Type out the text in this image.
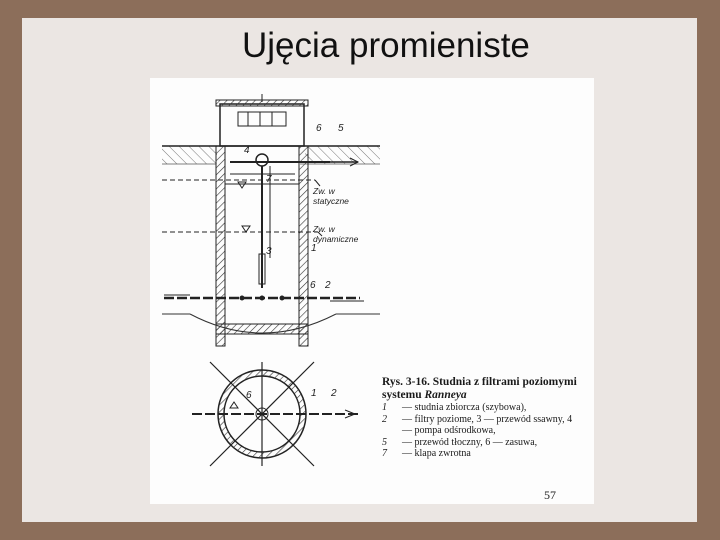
Ujęcia promieniste
6 5
4
7
Zw. w statyczne
Zw. w dynamiczne
1
3
6 2
6	1 2
Rys. 3-16. Studnia z filtrami poziomymi systemu Ranneya
1	— studnia zbiorcza (szybowa),
2	— filtry poziome, 3 — przewód ssawny, 4 — pompa odśrodkowa,
5	— przewód tłoczny, 6 — zasuwa,
7	— klapa zwrotna
57
